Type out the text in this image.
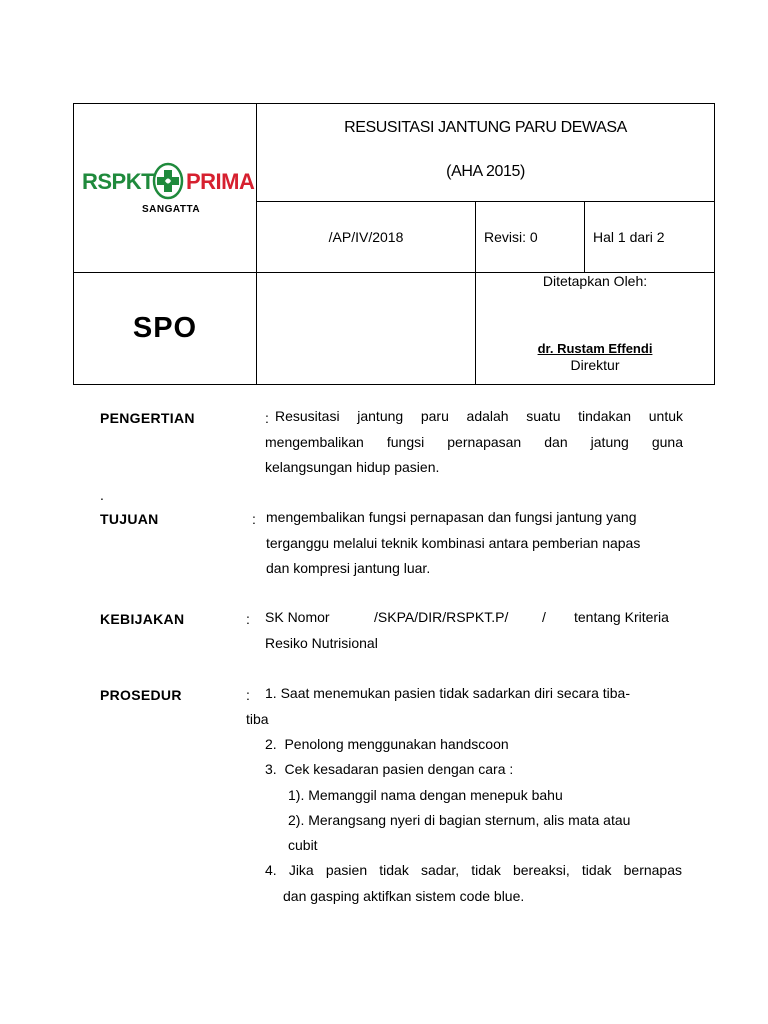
RSPKT PRIMA
SANGATTA	RESUSITASI JANTUNG PARU DEWASA
(AHA 2015)		

	/AP/IV/2018	Revisi: 0	Hal 1 dari 2
SPO		Ditetapkan Oleh:
dr. Rustam Effendi
Direktur	
PENGERTIAN	: Resusitasi jantung paru adalah suatu tindakan untuk
mengembalikan fungsi pernapasan dan jatung guna
kelangsungan hidup pasien.
.
TUJUAN	: mengembalikan fungsi pernapasan dan fungsi jantung yang
terganggu melalui teknik kombinasi antara pemberian napas
dan kompresi jantung luar.
KEBIJAKAN	: SK Nomor	/SKPA/DIR/RSPKT.P/ / tentang Kriteria
Resiko Nutrisional
PROSEDUR	: 1. Saat menemukan pasien tidak sadarkan diri secara tiba-
tiba
2.  Penolong menggunakan handscoon
3.  Cek kesadaran pasien dengan cara :
1). Memanggil nama dengan menepuk bahu
2). Merangsang nyeri di bagian sternum, alis mata atau
cubit
4. Jika pasien tidak sadar, tidak bereaksi, tidak bernapas
dan gasping aktifkan sistem code blue.
